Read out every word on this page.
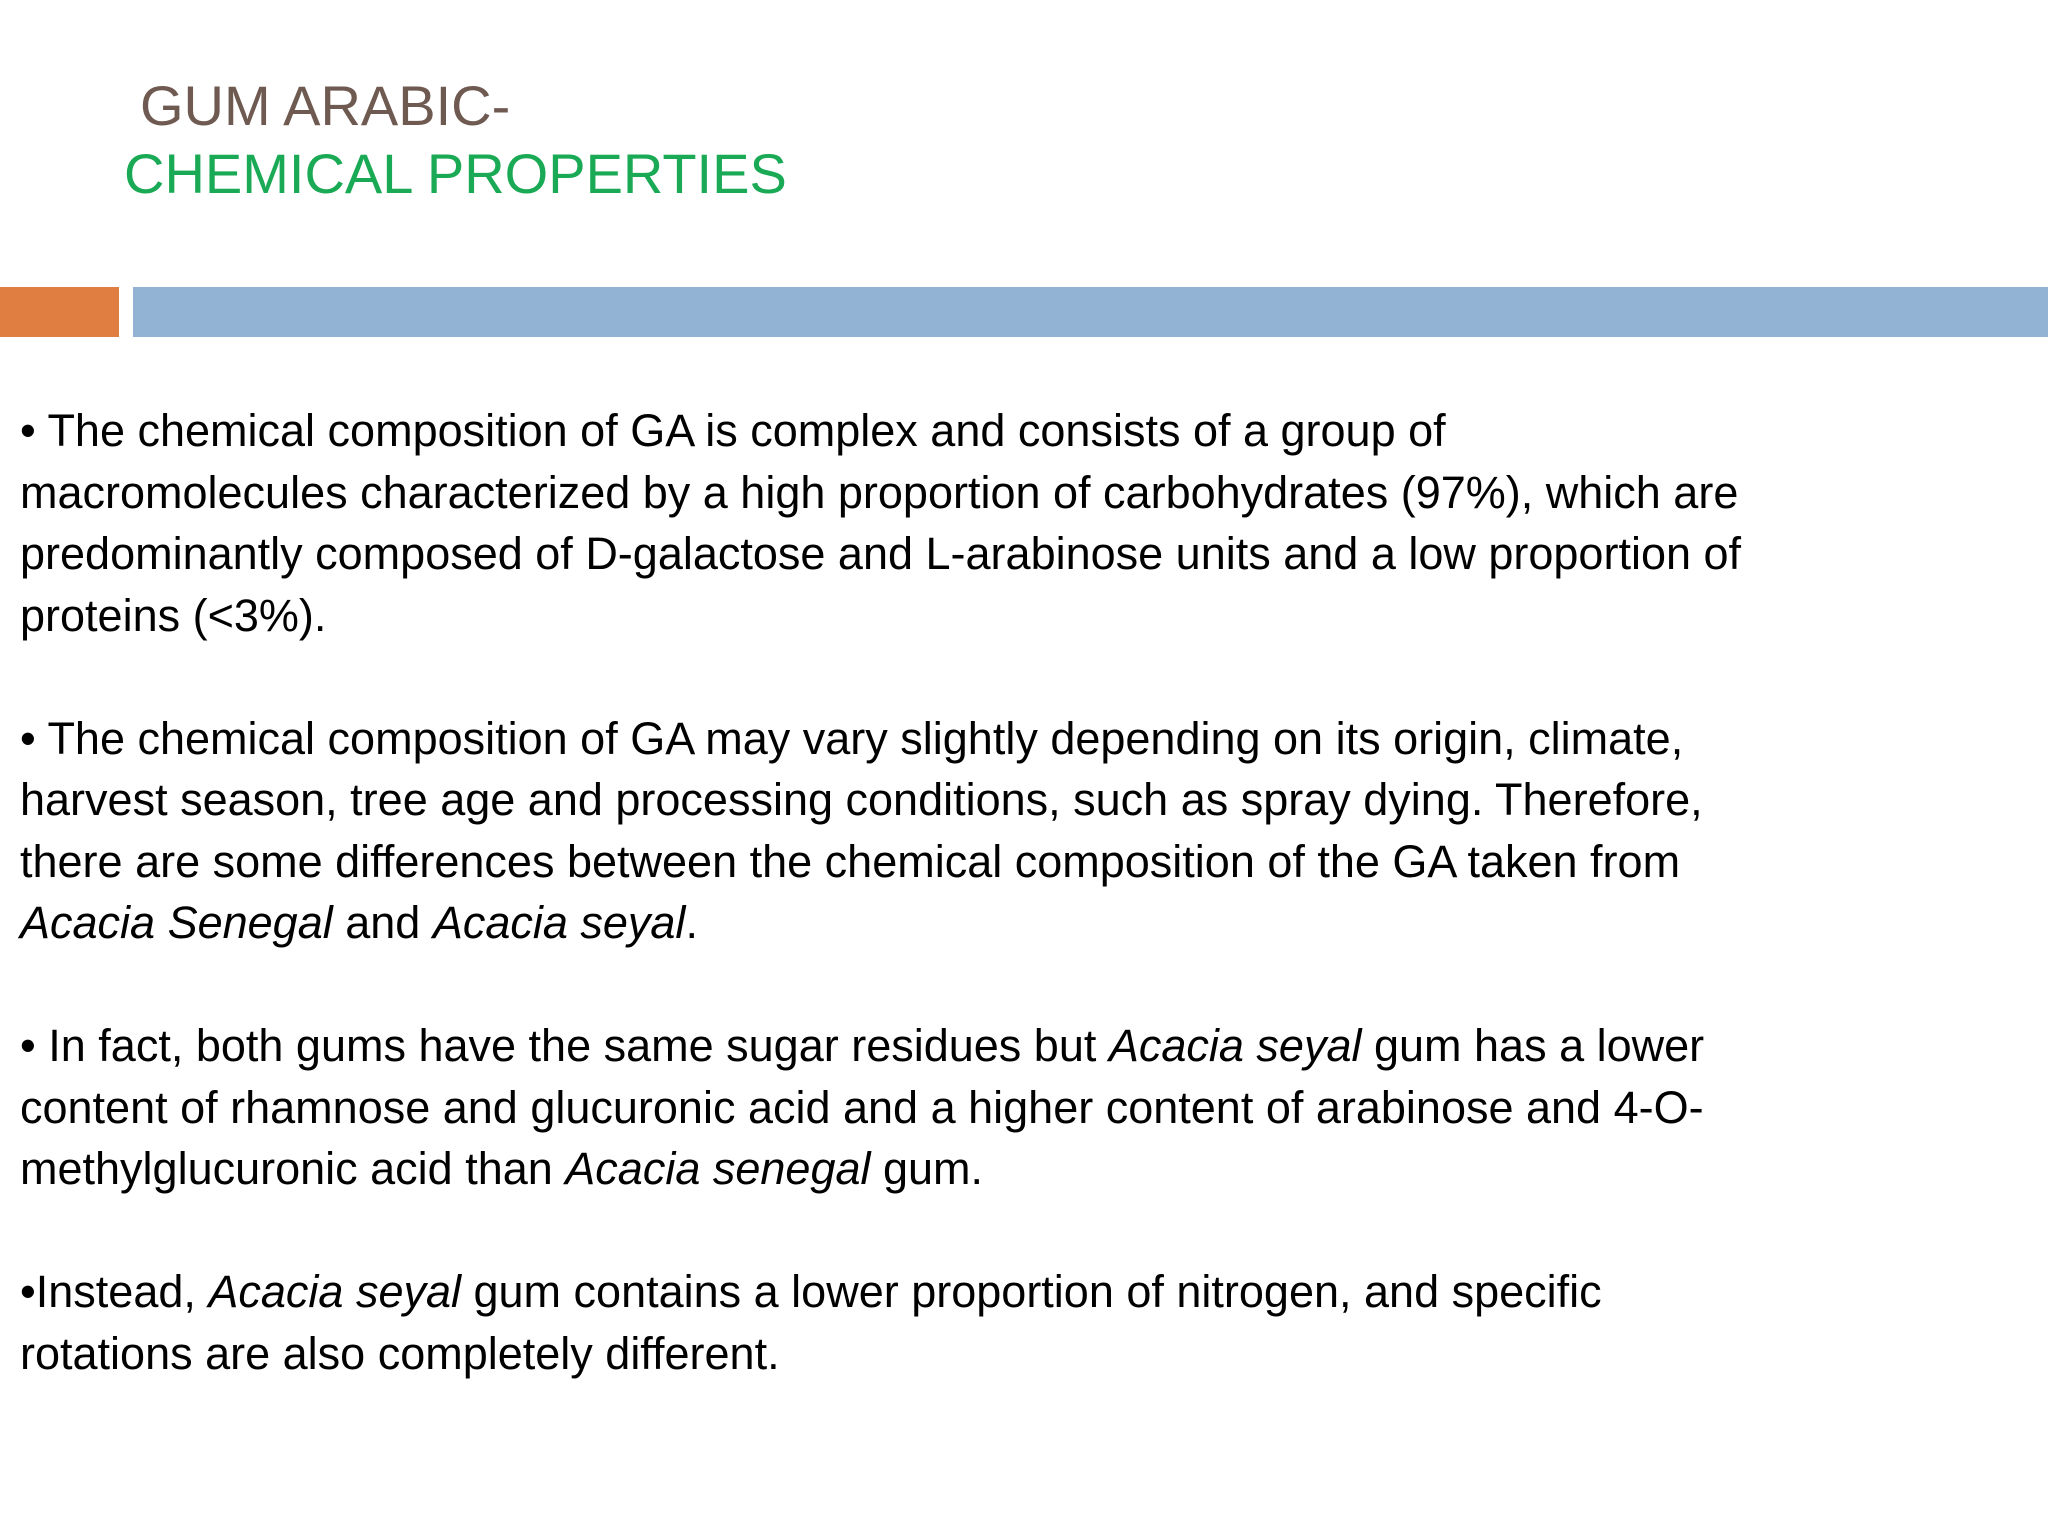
GUM ARABIC-
CHEMICAL PROPERTIES

• The chemical composition of GA is complex and consists of a group of
macromolecules characterized by a high proportion of carbohydrates (97%), which are
predominantly composed of D-galactose and L-arabinose units and a low proportion of
proteins (<3%).

• The chemical composition of GA may vary slightly depending on its origin, climate,
harvest season, tree age and processing conditions, such as spray dying. Therefore,
there are some differences between the chemical composition of the GA taken from
Acacia Senegal and Acacia seyal.

• In fact, both gums have the same sugar residues but Acacia seyal gum has a lower
content of rhamnose and glucuronic acid and a higher content of arabinose and 4-O-
methylglucuronic acid than Acacia senegal gum.

•Instead, Acacia seyal gum contains a lower proportion of nitrogen, and specific
rotations are also completely different.
